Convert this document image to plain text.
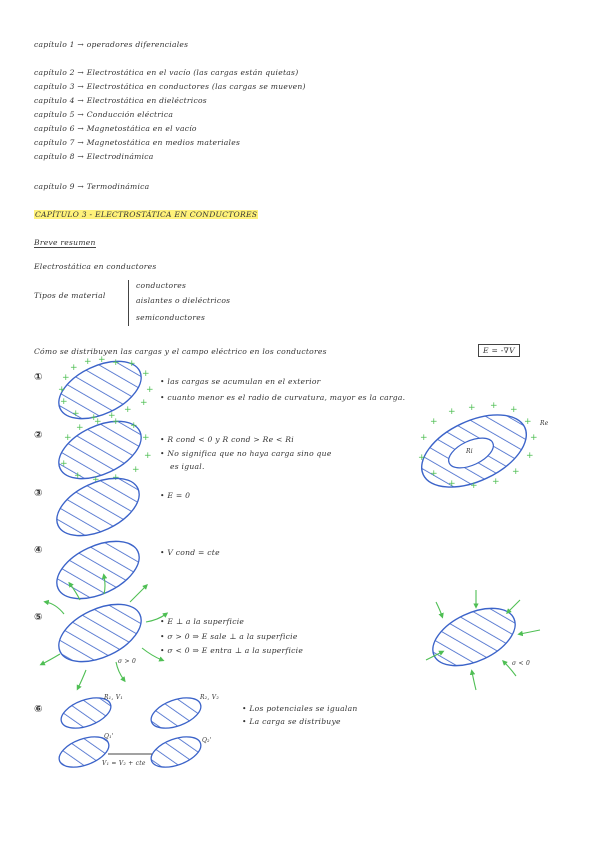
capítulo 1 → operadores diferenciales
capítulo 2 → Electrostática en el vacío (las cargas están quietas)
capítulo 3 → Electrostática en conductores (las cargas se mueven)
capítulo 4 → Electrostática en dieléctricos
capítulo 5 → Conducción eléctrica
capítulo 6 → Magnetostática en el vacío
capítulo 7 → Magnetostática en medios materiales
capítulo 8 → Electrodinámica
capítulo 9 → Termodinámica
CAPÍTULO 3 - ELECTROSTÁTICA EN CONDUCTORES
Breve resumen
Electrostática en conductores
Tipos de material
conductores
aislantes o dieléctricos
semiconductores
Cómo se distribuyen las cargas y el campo eléctrico en los conductores	E = -∇V
+
+
+ + + +
+
+
+
+
+
+
+
+
+
+
+
+ + +
+
+
+
+
+
+
+
+
+ + + +
+
+
+
+
+
+
+
+
+
①
②
③
④
⑤
⑥
• las cargas se acumulan en el exterior
• cuanto menor es el radio de curvatura, mayor es la carga.
• R cond < 0 y R cond > Re < Ri
• No significa que no haya carga sino que
es igual.
Re
Ri
• E = 0
• V cond = cte
• E ⊥ a la superficie
• σ > 0 ⇒ E sale ⊥ a la superficie
• σ < 0 ⇒ E entra ⊥ a la superficie
σ > 0	σ < 0
• Los potenciales se igualan
• La carga se distribuye
R₁, V₁	R₂, V₂
Q₁'
Q₂'
V₁ = V₂ + cte
